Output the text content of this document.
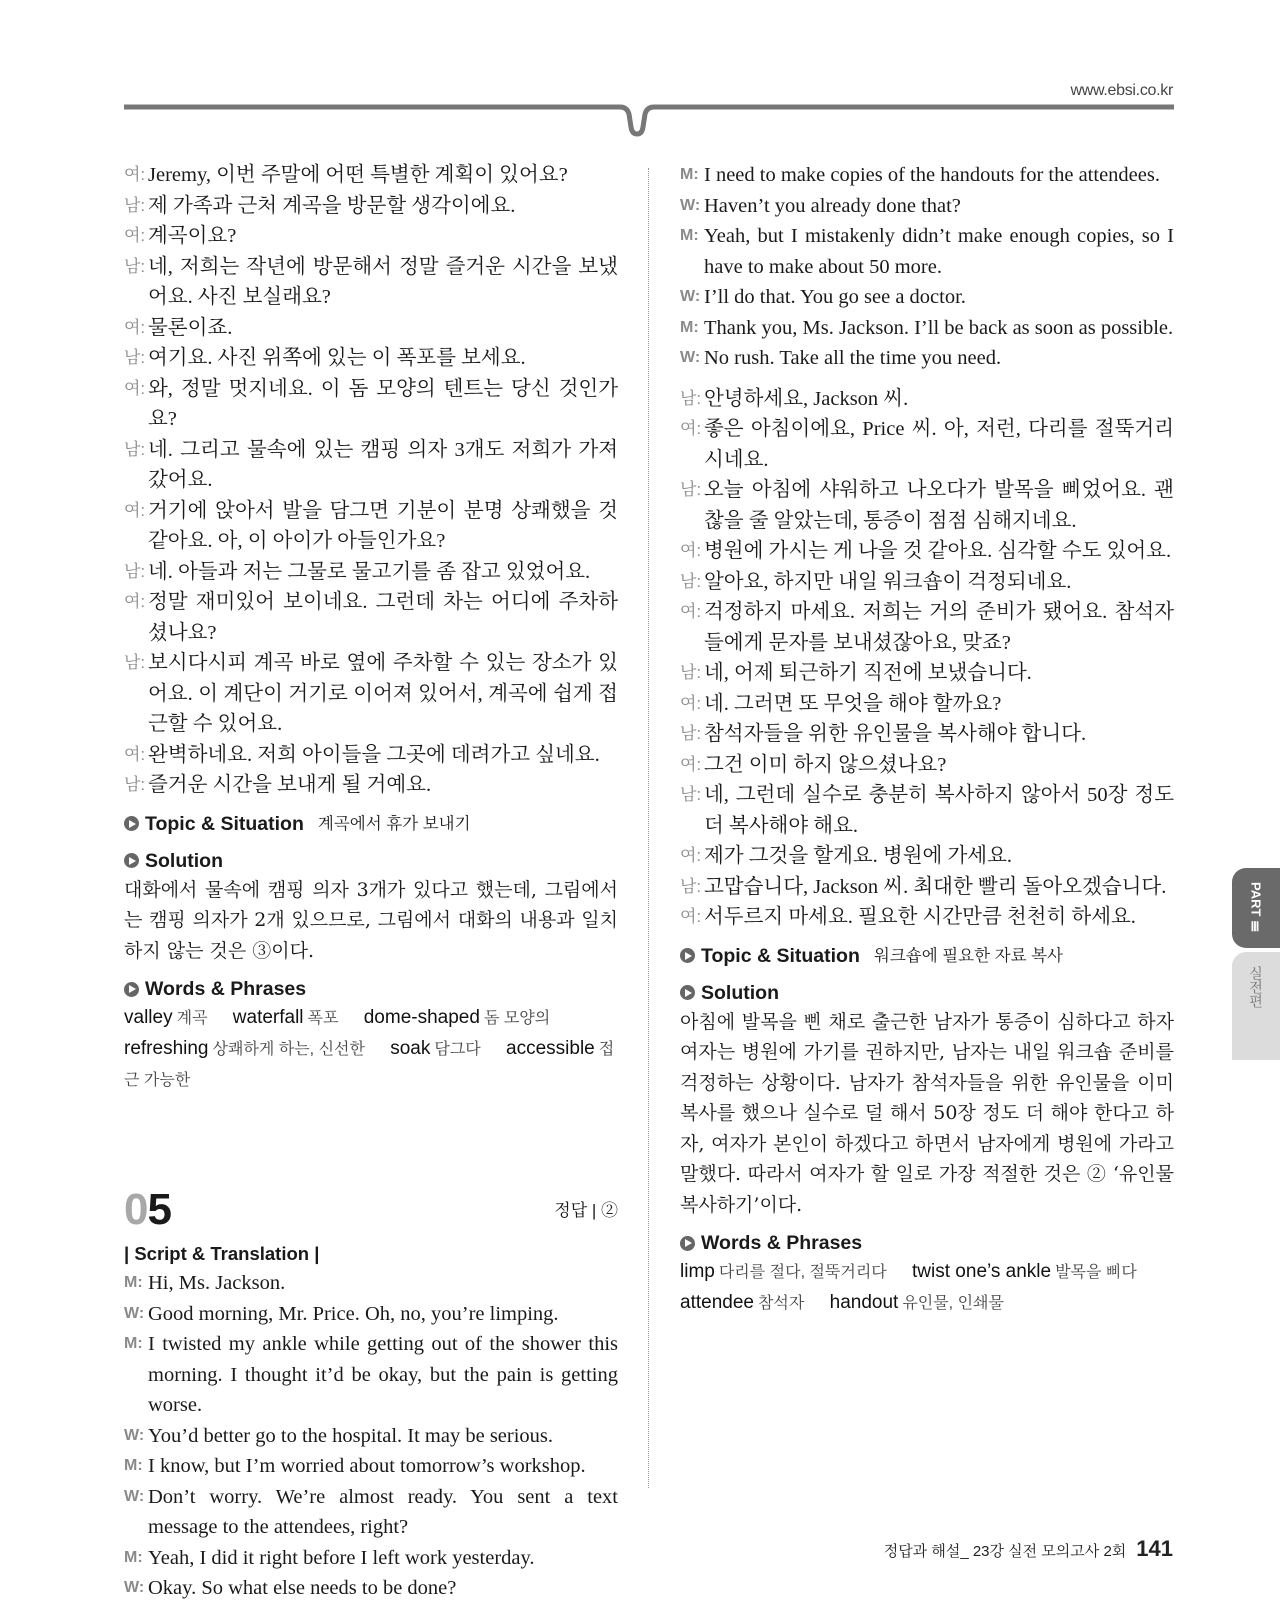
www.ebsi.co.kr
여: Jeremy, 이번 주말에 어떤 특별한 계획이 있어요?
남: 제 가족과 근처 계곡을 방문할 생각이에요.
여: 계곡이요?
남: 네, 저희는 작년에 방문해서 정말 즐거운 시간을 보냈어요. 사진 보실래요?
여: 물론이죠.
남: 여기요. 사진 위쪽에 있는 이 폭포를 보세요.
여: 와, 정말 멋지네요. 이 돔 모양의 텐트는 당신 것인가요?
남: 네. 그리고 물속에 있는 캠핑 의자 3개도 저희가 가져갔어요.
여: 거기에 앉아서 발을 담그면 기분이 분명 상쾌했을 것 같아요. 아, 이 아이가 아들인가요?
남: 네. 아들과 저는 그물로 물고기를 좀 잡고 있었어요.
여: 정말 재미있어 보이네요. 그런데 차는 어디에 주차하셨나요?
남: 보시다시피 계곡 바로 옆에 주차할 수 있는 장소가 있어요. 이 계단이 거기로 이어져 있어서, 계곡에 쉽게 접근할 수 있어요.
여: 완벽하네요. 저희 아이들을 그곳에 데려가고 싶네요.
남: 즐거운 시간을 보내게 될 거예요.
Topic & Situation 계곡에서 휴가 보내기
Solution
대화에서 물속에 캠핑 의자 3개가 있다고 했는데, 그림에서는 캠핑 의자가 2개 있으므로, 그림에서 대화의 내용과 일치하지 않는 것은 ③이다.
Words & Phrases
valley 계곡 waterfall 폭포 dome-shaped 돔 모양의 refreshing 상쾌하게 하는, 신선한 soak 담그다 accessible 접근 가능한
05	정답 | ②
| Script & Translation |
M: Hi, Ms. Jackson.
W: Good morning, Mr. Price. Oh, no, you’re limping.
M: I twisted my ankle while getting out of the shower this morning. I thought it’d be okay, but the pain is getting worse.
W: You’d better go to the hospital. It may be serious.
M: I know, but I’m worried about tomorrow’s workshop.
W: Don’t worry. We’re almost ready. You sent a text message to the attendees, right?
M: Yeah, I did it right before I left work yesterday.
W: Okay. So what else needs to be done?
M: I need to make copies of the handouts for the attendees.
W: Haven’t you already done that?
M: Yeah, but I mistakenly didn’t make enough copies, so I have to make about 50 more.
W: I’ll do that. You go see a doctor.
M: Thank you, Ms. Jackson. I’ll be back as soon as possible.
W: No rush. Take all the time you need.
남: 안녕하세요, Jackson 씨.
여: 좋은 아침이에요, Price 씨. 아, 저런, 다리를 절뚝거리시네요.
남: 오늘 아침에 샤워하고 나오다가 발목을 삐었어요. 괜찮을 줄 알았는데, 통증이 점점 심해지네요.
여: 병원에 가시는 게 나을 것 같아요. 심각할 수도 있어요.
남: 알아요, 하지만 내일 워크숍이 걱정되네요.
여: 걱정하지 마세요. 저희는 거의 준비가 됐어요. 참석자들에게 문자를 보내셨잖아요, 맞죠?
남: 네, 어제 퇴근하기 직전에 보냈습니다.
여: 네. 그러면 또 무엇을 해야 할까요?
남: 참석자들을 위한 유인물을 복사해야 합니다.
여: 그건 이미 하지 않으셨나요?
남: 네, 그런데 실수로 충분히 복사하지 않아서 50장 정도 더 복사해야 해요.
여: 제가 그것을 할게요. 병원에 가세요.
남: 고맙습니다, Jackson 씨. 최대한 빨리 돌아오겠습니다.
여: 서두르지 마세요. 필요한 시간만큼 천천히 하세요.
Topic & Situation 워크숍에 필요한 자료 복사
Solution
아침에 발목을 삔 채로 출근한 남자가 통증이 심하다고 하자 여자는 병원에 가기를 권하지만, 남자는 내일 워크숍 준비를 걱정하는 상황이다. 남자가 참석자들을 위한 유인물을 이미 복사를 했으나 실수로 덜 해서 50장 정도 더 해야 한다고 하자, 여자가 본인이 하겠다고 하면서 남자에게 병원에 가라고 말했다. 따라서 여자가 할 일로 가장 적절한 것은 ② ‘유인물 복사하기’이다.
Words & Phrases
limp 다리를 절다, 절뚝거리다 twist one’s ankle 발목을 삐다 attendee 참석자 handout 유인물, 인쇄물
PART Ⅲ
실전편
정답과 해설_ 23강 실전 모의고사 2회 141
